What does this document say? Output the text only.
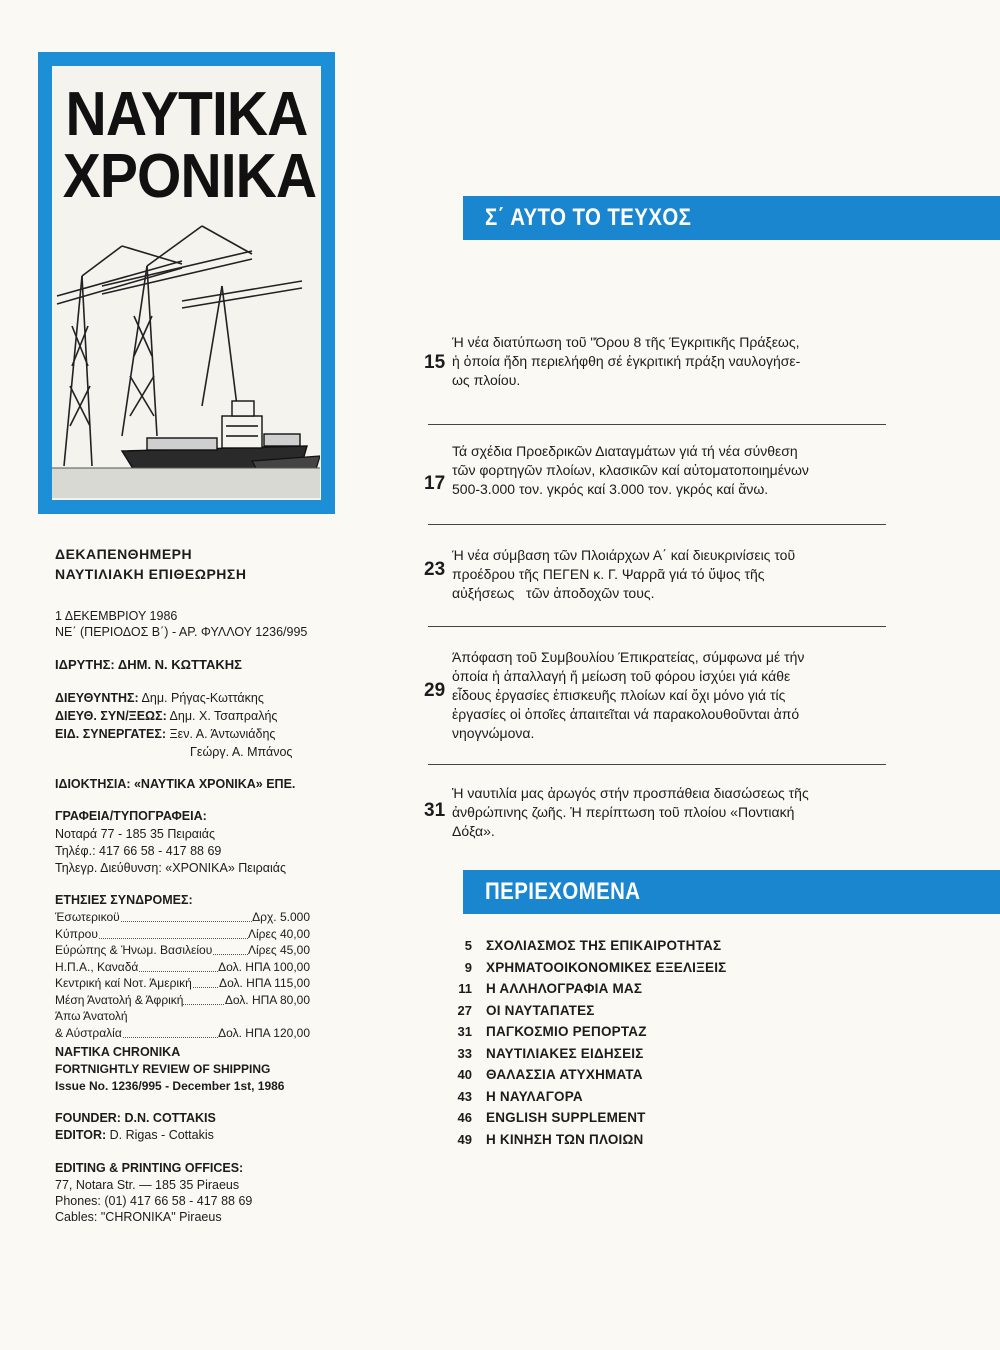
ΝΑΥΤΙΚΑ
ΧΡΟΝΙΚΑ
ΔΕΚΑΠΕΝΘΗΜΕΡΗ
ΝΑΥΤΙΛΙΑΚΗ ΕΠΙΘΕΩΡΗΣΗ
1 ΔΕΚΕΜΒΡΙΟΥ 1986
ΝΕ΄ (ΠΕΡΙΟΔΟΣ Β΄) - ΑΡ. ΦΥΛΛΟΥ 1236/995
ΙΔΡΥΤΗΣ: ΔΗΜ. Ν. ΚΩΤΤΑΚΗΣ
ΔΙΕΥΘΥΝΤΗΣ: Δημ. Ρήγας-Κωττάκης
ΔΙΕΥΘ. ΣΥΝ/ΞΕΩΣ: Δημ. Χ. Τσαπραλής
ΕΙΔ. ΣΥΝΕΡΓΑΤΕΣ: Ξεν. Α. Άντωνιάδης
Γεώργ. Α. Μπάνος
ΙΔΙΟΚΤΗΣΙΑ: «ΝΑΥΤΙΚΑ ΧΡΟΝΙΚΑ» ΕΠΕ.
ΓΡΑΦΕΙΑ/ΤΥΠΟΓΡΑΦΕΙΑ:
Νοταρά 77 - 185 35 Πειραιάς
Τηλέφ.: 417 66 58 - 417 88 69
Τηλεγρ. Διεύθυνση: «ΧΡΟΝΙΚΑ» Πειραιάς
ΕΤΗΣΙΕΣ ΣΥΝΔΡΟΜΕΣ:
Έσωτερικοϋ	Δρχ. 5.000
Κύπρου	Λίρες 40,00
Εύρώπης & Ήνωμ. Βασιλείου	Λίρες 45,00
Η.Π.Α., Καναδά	Δολ. ΗΠΑ 100,00
Κεντρική καί Νοτ. Άμερική Δολ. ΗΠΑ 115,00
Μέση Άνατολή & Άφρική	Δολ. ΗΠΑ 80,00
Άπω Άνατολή
& Αύστραλία	Δολ. ΗΠΑ 120,00
NAFTIKA CHRONIKA
FORTNIGHTLY REVIEW OF SHIPPING
Issue No. 1236/995 - December 1st, 1986
FOUNDER: D.N. COTTAKIS
EDITOR: D. Rigas - Cottakis
EDITING & PRINTING OFFICES:
77, Notara Str. — 185 35 Piraeus
Phones: (01) 417 66 58 - 417 88 69
Cables: "CHRONIKA" Piraeus
Σ΄ ΑΥΤΟ ΤΟ ΤΕΥΧΟΣ
15
Ή νέα διατύπωση τοῦ "Όρου 8 τῆς Έγκριτικῆς Πράξεως,
ἡ ὁποία ἤδη περιελήφθη σέ ἐγκριτική πράξη ναυλογήσε-
ως πλοίου.
17
Τά σχέδια Προεδρικῶν Διαταγμάτων γιά τή νέα σύνθεση
τῶν φορτηγῶν πλοίων, κλασικῶν καί αὐτοματοποιημένων
500-3.000 τον. γκρός καί 3.000 τον. γκρός καί ἄνω.
23
Ή νέα σύμβαση τῶν Πλοιάρχων Α΄ καί διευκρινίσεις τοῦ
προέδρου τῆς ΠΕΓΕΝ κ. Γ. Ψαρρᾶ γιά τό ὕψος τῆς
αὐξήσεως   τῶν ἀποδοχῶν τους.
29
Άπόφαση τοῦ Συμβουλίου Έπικρατείας, σύμφωνα μέ τήν
ὁποία ἡ ἀπαλλαγή ἤ μείωση τοῦ φόρου ἰσχύει γιά κάθε
εἶδους ἐργασίες ἐπισκευῆς πλοίων καί ὄχι μόνο γιά τίς
ἐργασίες οἱ ὁποῖες ἀπαιτεῖται νά παρακολουθοῦνται ἀπό
νηογνώμονα.
31
Ἡ ναυτιλία μας ἀρωγός στήν προσπάθεια διασώσεως τῆς
ἀνθρώπινης ζωῆς. Ἡ περίπτωση τοῦ πλοίου «Ποντιακή
Δόξα».
ΠΕΡΙΕΧΟΜΕΝΑ
5 ΣΧΟΛΙΑΣΜΟΣ ΤΗΣ ΕΠΙΚΑΙΡΟΤΗΤΑΣ
9 ΧΡΗΜΑΤΟΟΙΚΟΝΟΜΙΚΕΣ ΕΞΕΛΙΞΕΙΣ
11 Η ΑΛΛΗΛΟΓΡΑΦΙΑ ΜΑΣ
27 ΟΙ ΝΑΥΤΑΠΑΤΕΣ
31 ΠΑΓΚΟΣΜΙΟ ΡΕΠΟΡΤΑΖ
33 ΝΑΥΤΙΛΙΑΚΕΣ ΕΙΔΗΣΕΙΣ
40 ΘΑΛΑΣΣΙΑ ΑΤΥΧΗΜΑΤΑ
43 Η ΝΑΥΛΑΓΟΡΑ
46 ENGLISH SUPPLEMENT
49 Η ΚΙΝΗΣΗ ΤΩΝ ΠΛΟΙΩΝ
